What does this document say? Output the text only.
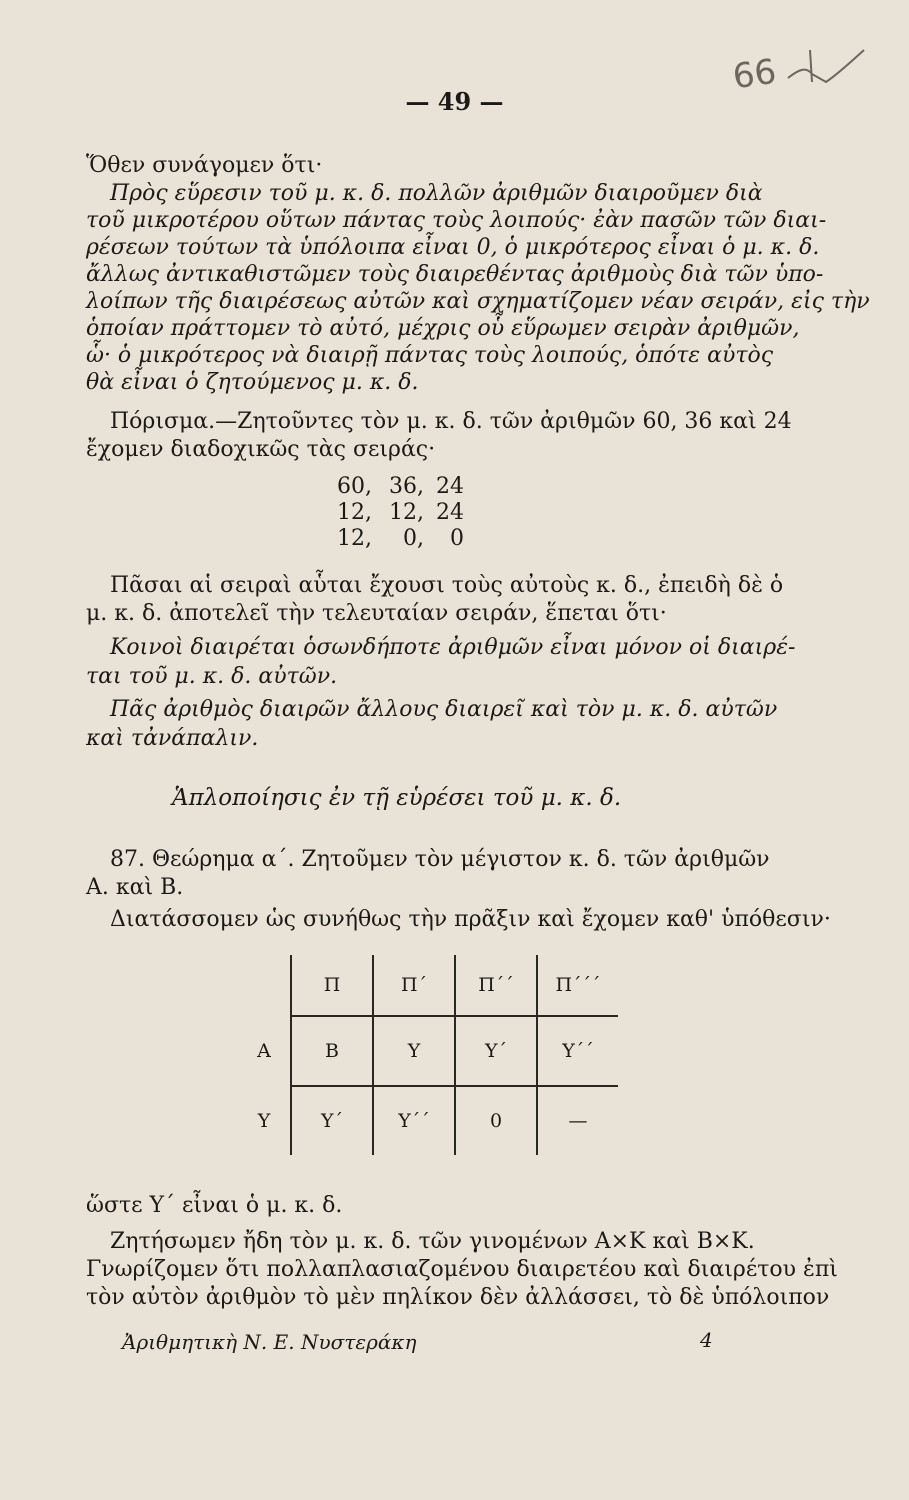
66
— 49 —
Ὅθεν συνάγομεν ὅτι·
Πρὸς εὕρεσιν τοῦ μ. κ. δ. πολλῶν ἀριθμῶν διαιροῦμεν διὰ
τοῦ μικροτέρου οὕτων πάντας τοὺς λοιπούς· ἐὰν πασῶν τῶν διαι-
ρέσεων τούτων τὰ ὑπόλοιπα εἶναι 0, ὁ μικρότερος εἶναι ὁ μ. κ. δ.
ἄλλως ἀντικαθιστῶμεν τοὺς διαιρεθέντας ἀριθμοὺς διὰ τῶν ὑπο-
λοίπων τῆς διαιρέσεως αὐτῶν καὶ σχηματίζομεν νέαν σειράν, εἰς τὴν
ὁποίαν πράττομεν τὸ αὐτό, μέχρις οὗ εὕρωμεν σειρὰν ἀριθμῶν,
ὧ· ὁ μικρότερος νὰ διαιρῇ πάντας τοὺς λοιπούς, ὁπότε αὐτὸς
θὰ εἶναι ὁ ζητούμενος μ. κ. δ.
Πόρισμα.—Ζητοῦντες τὸν μ. κ. δ. τῶν ἀριθμῶν 60, 36 καὶ 24
ἔχομεν διαδοχικῶς τὰς σειράς·
60,	36,	24
12,	12,	24
12,	0,	0
Πᾶσαι αἱ σειραὶ αὗται ἔχουσι τοὺς αὐτοὺς κ. δ., ἐπειδὴ δὲ ὁ
μ. κ. δ. ἀποτελεῖ τὴν τελευταίαν σειράν, ἕπεται ὅτι·
Κοινοὶ διαιρέται ὁσωνδήποτε ἀριθμῶν εἶναι μόνον οἱ διαιρέ-
ται τοῦ μ. κ. δ. αὐτῶν.
Πᾶς ἀριθμὸς διαιρῶν ἄλλους διαιρεῖ καὶ τὸν μ. κ. δ. αὐτῶν
καὶ τἀνάπαλιν.
Ἁπλοποίησις ἐν τῇ εὑρέσει τοῦ μ. κ. δ.
87. Θεώρημα α΄. Ζητοῦμεν τὸν μέγιστον κ. δ. τῶν ἀριθμῶν
Α. καὶ Β.
Διατάσσομεν ὡς συνήθως τὴν πρᾶξιν καὶ ἔχομεν καθ' ὑπόθεσιν·
	Π	Π΄	Π΄΄	Π΄΄΄
Α	Β	Υ	Υ΄	Υ΄΄
Υ	Υ΄	Υ΄΄	0	—
ὥστε Υ΄ εἶναι ὁ μ. κ. δ.
Ζητήσωμεν ἤδη τὸν μ. κ. δ. τῶν γινομένων Α×Κ καὶ Β×Κ.
Γνωρίζομεν ὅτι πολλαπλασιαζομένου διαιρετέου καὶ διαιρέτου ἐπὶ
τὸν αὐτὸν ἀριθμὸν τὸ μὲν πηλίκον δὲν ἀλλάσσει, τὸ δὲ ὑπόλοιπον
Ἀριθμητικὴ Ν. Ε. Νυστεράκη	4
